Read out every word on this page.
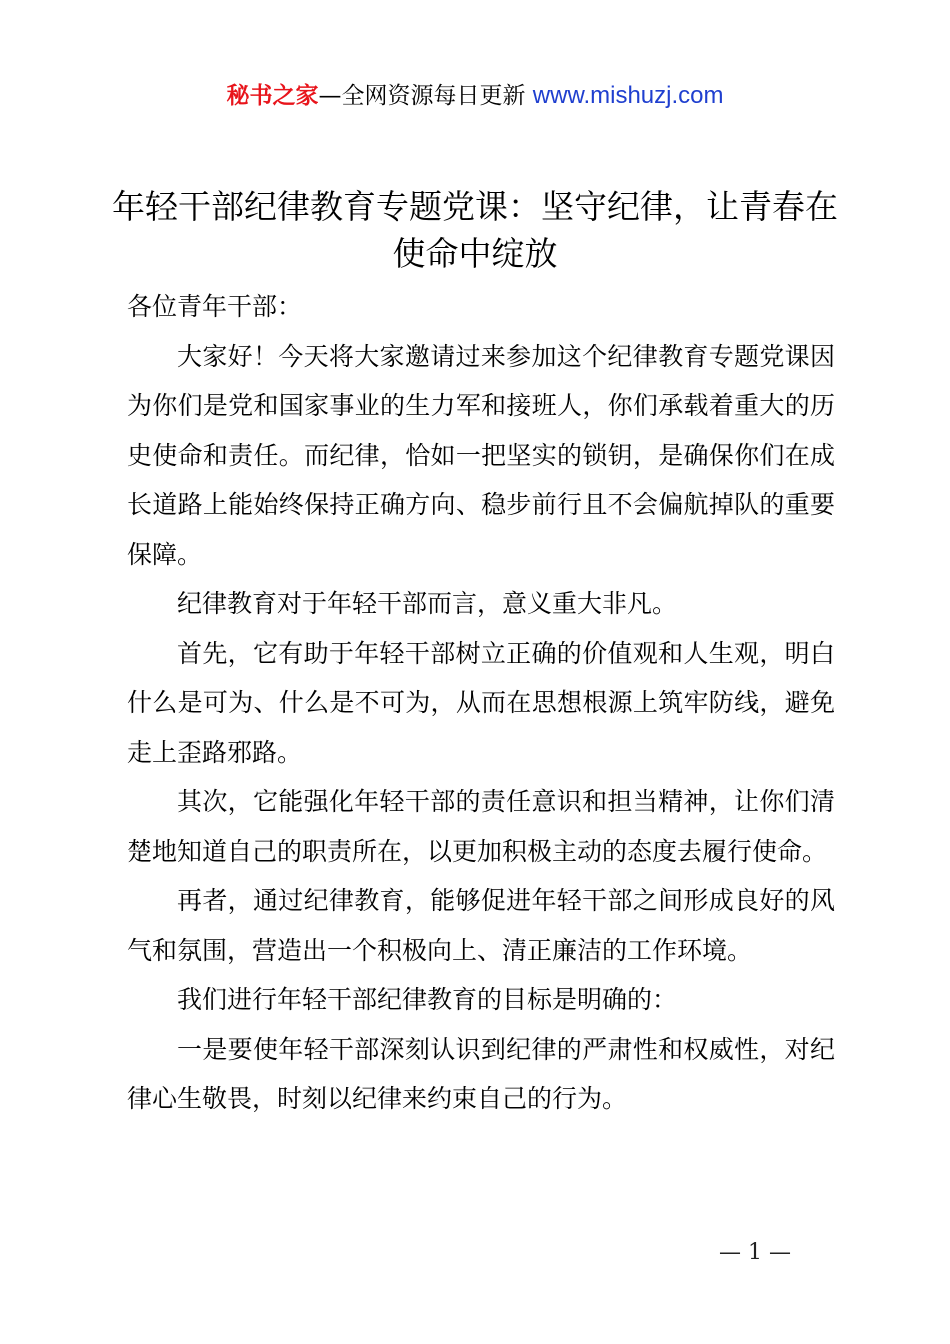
秘书之家—全网资源每日更新 www.mishuzj.com
年轻干部纪律教育专题党课：坚守纪律，让青春在使命中绽放

各位青年干部：

大家好！今天将大家邀请过来参加这个纪律教育专题党课因为你们是党和国家事业的生力军和接班人，你们承载着重大的历史使命和责任。而纪律，恰如一把坚实的锁钥，是确保你们在成长道路上能始终保持正确方向、稳步前行且不会偏航掉队的重要保障。

纪律教育对于年轻干部而言，意义重大非凡。

首先，它有助于年轻干部树立正确的价值观和人生观，明白什么是可为、什么是不可为，从而在思想根源上筑牢防线，避免走上歪路邪路。

其次，它能强化年轻干部的责任意识和担当精神，让你们清楚地知道自己的职责所在，以更加积极主动的态度去履行使命。

再者，通过纪律教育，能够促进年轻干部之间形成良好的风气和氛围，营造出一个积极向上、清正廉洁的工作环境。

我们进行年轻干部纪律教育的目标是明确的：

一是要使年轻干部深刻认识到纪律的严肃性和权威性，对纪律心生敬畏，时刻以纪律来约束自己的行为。

— 1 —
